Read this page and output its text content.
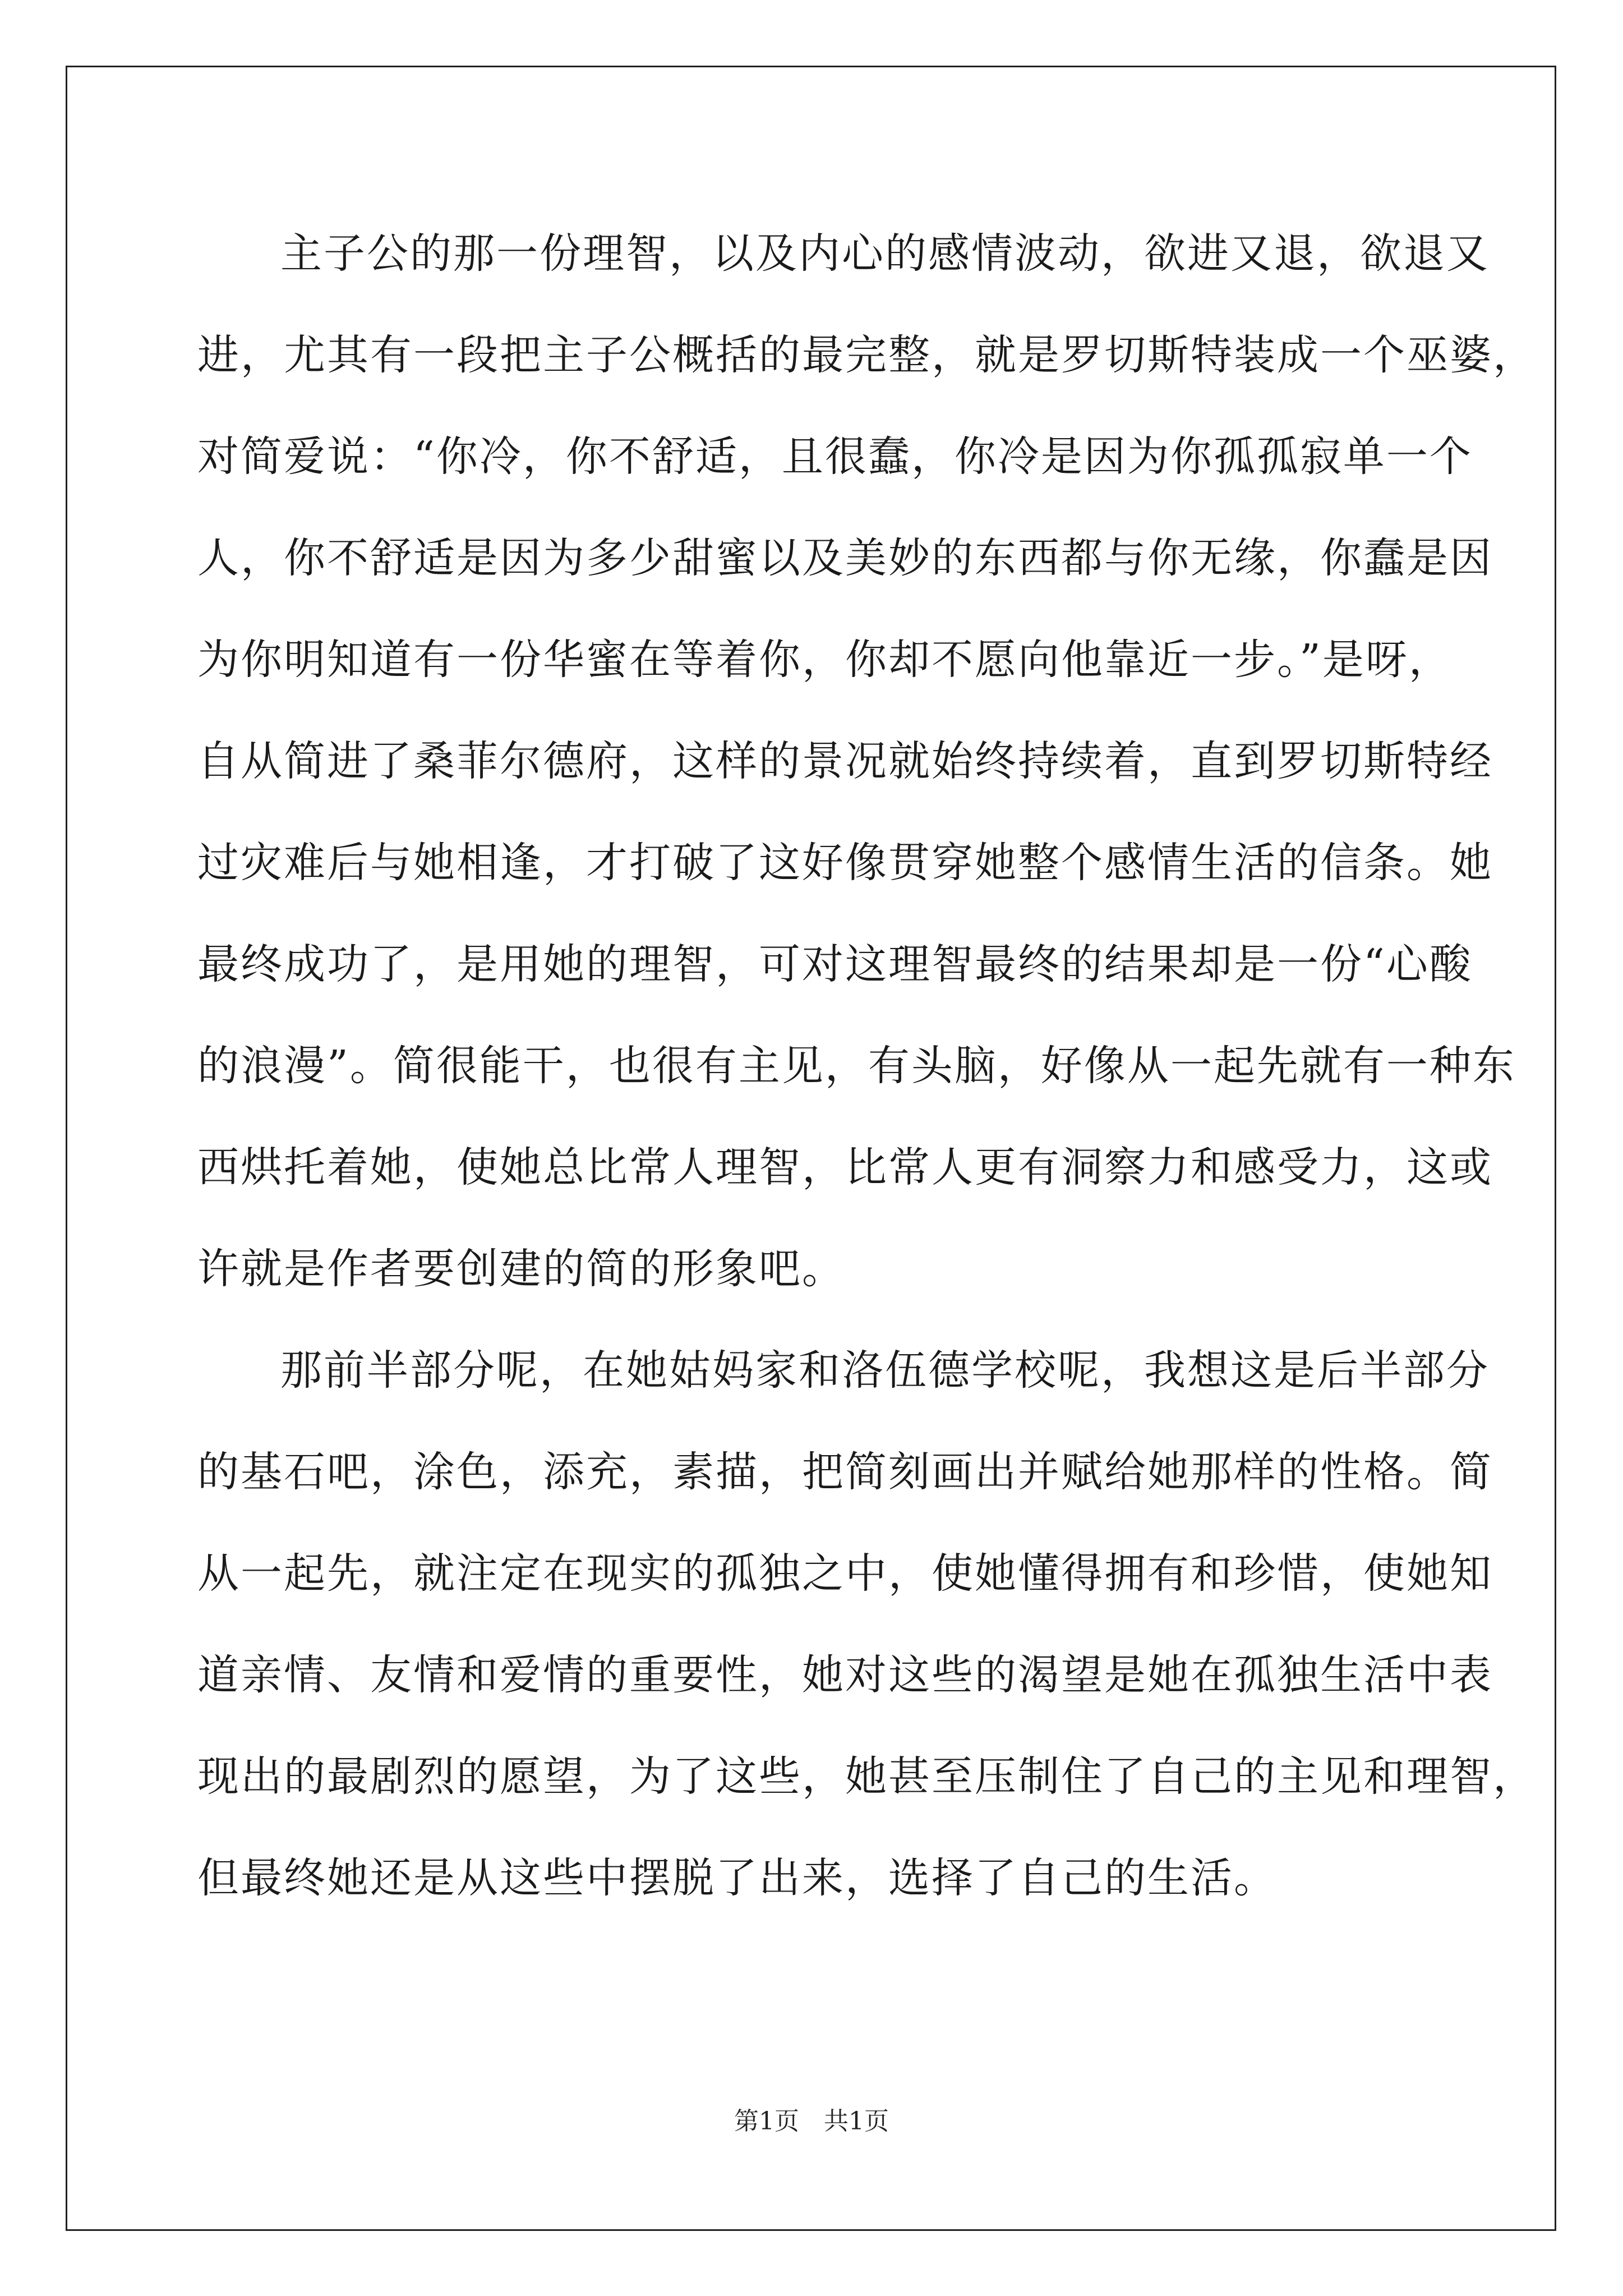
主子公的那一份理智，以及内心的感情波动，欲进又退，欲退又
进，尤其有一段把主子公概括的最完整，就是罗切斯特装成一个巫婆，
对简爱说：“你冷，你不舒适，且很蠢，你冷是因为你孤孤寂单一个
人，你不舒适是因为多少甜蜜以及美妙的东西都与你无缘，你蠢是因
为你明知道有一份华蜜在等着你，你却不愿向他靠近一步。”是呀，
自从简进了桑菲尔德府，这样的景况就始终持续着，直到罗切斯特经
过灾难后与她相逢，才打破了这好像贯穿她整个感情生活的信条。她
最终成功了，是用她的理智，可对这理智最终的结果却是一份“心酸
的浪漫”。简很能干，也很有主见，有头脑，好像从一起先就有一种东
西烘托着她，使她总比常人理智，比常人更有洞察力和感受力，这或
许就是作者要创建的简的形象吧。
那前半部分呢，在她姑妈家和洛伍德学校呢，我想这是后半部分
的基石吧，涂色，添充，素描，把简刻画出并赋给她那样的性格。简
从一起先，就注定在现实的孤独之中，使她懂得拥有和珍惜，使她知
道亲情、友情和爱情的重要性，她对这些的渴望是她在孤独生活中表
现出的最剧烈的愿望，为了这些，她甚至压制住了自己的主见和理智，
但最终她还是从这些中摆脱了出来，选择了自己的生活。
第1页　共1页
